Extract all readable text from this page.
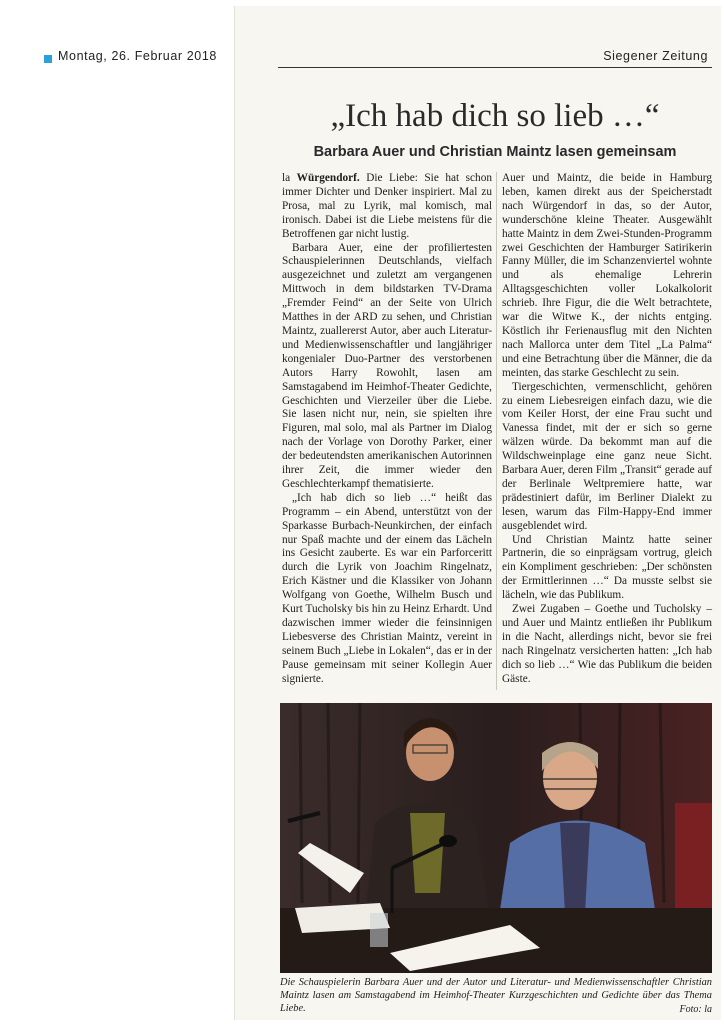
Montag, 26. Februar 2018	Siegener Zeitung
„Ich hab dich so lieb …“
Barbara Auer und Christian Maintz lasen gemeinsam

la Würgendorf. Die Liebe: Sie hat schon immer Dichter und Denker inspiriert. Mal zu Prosa, mal zu Lyrik, mal komisch, mal ironisch. Dabei ist die Liebe meistens für die Betroffenen gar nicht lustig.

Barbara Auer, eine der profiliertesten Schauspielerinnen Deutschlands, vielfach ausgezeichnet und zuletzt am vergangenen Mittwoch in dem bildstarken TV-Drama „Fremder Feind“ an der Seite von Ulrich Matthes in der ARD zu sehen, und Christian Maintz, zuallererst Autor, aber auch Literatur- und Medienwissenschaftler und langjähriger kongenialer Duo-Partner des verstorbenen Autors Harry Rowohlt, lasen am Samstagabend im Heimhof-Theater Gedichte, Geschichten und Vierzeiler über die Liebe. Sie lasen nicht nur, nein, sie spielten ihre Figuren, mal solo, mal als Partner im Dialog nach der Vorlage von Dorothy Parker, einer der bedeutendsten amerikanischen Autorinnen ihrer Zeit, die immer wieder den Geschlechterkampf thematisierte.

„Ich hab dich so lieb …“ heißt das Programm – ein Abend, unterstützt von der Sparkasse Burbach-Neunkirchen, der einfach nur Spaß machte und der einem das Lächeln ins Gesicht zauberte. Es war ein Parforceritt durch die Lyrik von Joachim Ringelnatz, Erich Kästner und die Klassiker von Johann Wolfgang von Goethe, Wilhelm Busch und Kurt Tucholsky bis hin zu Heinz Erhardt. Und dazwischen immer wieder die feinsinnigen Liebesverse des Christian Maintz, vereint in seinem Buch „Liebe in Lokalen“, das er in der Pause gemeinsam mit seiner Kollegin Auer signierte.

Auer und Maintz, die beide in Hamburg leben, kamen direkt aus der Speicherstadt nach Würgendorf in das, so der Autor, wunderschöne kleine Theater. Ausgewählt hatte Maintz in dem Zwei-Stunden-Programm zwei Geschichten der Hamburger Satirikerin Fanny Müller, die im Schanzenviertel wohnte und als ehemalige Lehrerin Alltagsgeschichten voller Lokalkolorit schrieb. Ihre Figur, die die Welt betrachtete, war die Witwe K., der nichts entging. Köstlich ihr Ferienausflug mit den Nichten nach Mallorca unter dem Titel „La Palma“ und eine Betrachtung über die Männer, die da meinten, das starke Geschlecht zu sein.

Tiergeschichten, vermenschlicht, gehören zu einem Liebesreigen einfach dazu, wie die vom Keiler Horst, der eine Frau sucht und Vanessa findet, mit der er sich so gerne wälzen würde. Da bekommt man auf die Wildschweinplage eine ganz neue Sicht. Barbara Auer, deren Film „Transit“ gerade auf der Berlinale Weltpremiere hatte, war prädestiniert dafür, im Berliner Dialekt zu lesen, warum das Film-Happy-End immer ausgeblendet wird.

Und Christian Maintz hatte seiner Partnerin, die so einprägsam vortrug, gleich ein Kompliment geschrieben: „Der schönsten der Ermittlerinnen …“ Da musste selbst sie lächeln, wie das Publikum.

Zwei Zugaben – Goethe und Tucholsky – und Auer und Maintz entließen ihr Publikum in die Nacht, allerdings nicht, bevor sie frei nach Ringelnatz versicherten hatten: „Ich hab dich so lieb …“ Wie das Publikum die beiden Gäste.

Die Schauspielerin Barbara Auer und der Autor und Literatur- und Medienwissenschaftler Christian Maintz lasen am Samstagabend im Heimhof-Theater Kurzgeschichten und Gedichte über das Thema Liebe.	Foto: la
